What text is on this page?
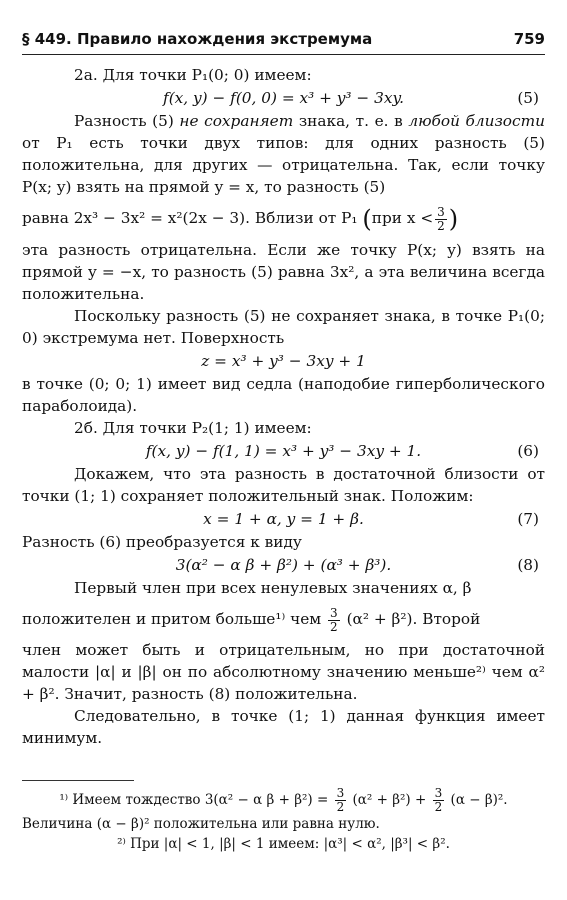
§ 449. Правило нахождения экстремума	759

2а. Для точки P₁(0; 0) имеем:

f(x, y) − f(0, 0) = x³ + y³ − 3xy.	(5)

Разность (5) не сохраняет знака, т. е. в любой близости от P₁ есть точки двух типов: для одних разность (5) положительна, для других — отрицательна. Так, если точку P(x; y) взять на прямой y = x, то разность (5)

равна 2x³ − 3x² = x²(2x − 3). Вблизи от P₁ (при $x < \frac{3}{2}$ )

эта разность отрицательна. Если же точку P(x; y) взять на прямой y = −x, то разность (5) равна 3x², а эта величина всегда положительна.

Поскольку разность (5) не сохраняет знака, в точке P₁(0; 0) экстремума нет. Поверхность

z = x³ + y³ − 3xy + 1

в точке (0; 0; 1) имеет вид седла (наподобие гиперболического параболоида).

2б. Для точки P₂(1; 1) имеем:

f(x, y) − f(1, 1) = x³ + y³ − 3xy + 1.	(6)

Докажем, что эта разность в достаточной близости от точки (1; 1) сохраняет положительный знак. Положим:

x = 1 + α, y = 1 + β.	(7)

Разность (6) преобразуется к виду

3(α² − α β + β²) + (α³ + β³).	(8)

Первый член при всех ненулевых значениях α, β

положителен и притом больше¹⁾ чем $\frac{3}{2} (\alpha^2 + \beta^2)$. Второй

член может быть и отрицательным, но при достаточной малости |α| и |β| он по абсолютному значению меньше²⁾ чем α² + β². Значит, разность (8) положительна.

Следовательно, в точке (1; 1) данная функция имеет минимум.

¹⁾ Имеем тождество 3(α² − α $\beta + \beta^2) = \frac{3}{2} (\alpha^2 + \beta^2) + \frac{3}{2} (\alpha - \beta)^2$.
Величина (α − β)² положительна или равна нулю.
²⁾ При |α| < 1, |β| < 1 имеем: |α³| < α², |β³| < β².
